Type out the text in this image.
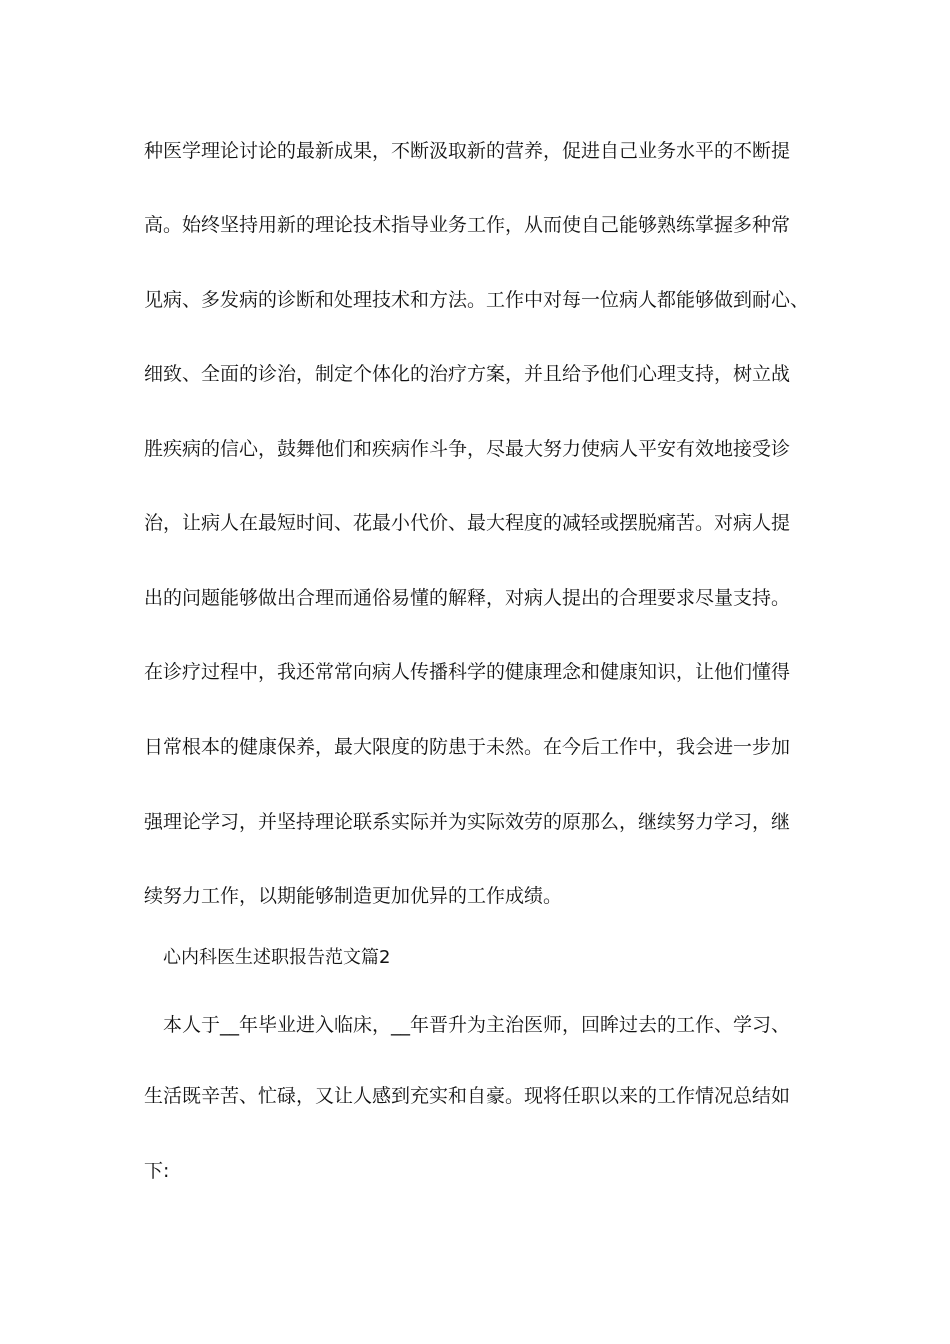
种医学理论讨论的最新成果，不断汲取新的营养，促进自己业务水平的不断提
高。始终坚持用新的理论技术指导业务工作，从而使自己能够熟练掌握多种常
见病、多发病的诊断和处理技术和方法。工作中对每一位病人都能够做到耐心、
细致、全面的诊治，制定个体化的治疗方案，并且给予他们心理支持，树立战
胜疾病的信心，鼓舞他们和疾病作斗争，尽最大努力使病人平安有效地接受诊
治，让病人在最短时间、花最小代价、最大程度的减轻或摆脱痛苦。对病人提
出的问题能够做出合理而通俗易懂的解释，对病人提出的合理要求尽量支持。
在诊疗过程中，我还常常向病人传播科学的健康理念和健康知识，让他们懂得
日常根本的健康保养，最大限度的防患于未然。在今后工作中，我会进一步加
强理论学习，并坚持理论联系实际并为实际效劳的原那么，继续努力学习，继
续努力工作，以期能够制造更加优异的工作成绩。
心内科医生述职报告范文篇2
本人于__年毕业进入临床，__年晋升为主治医师，回眸过去的工作、学习、
生活既辛苦、忙碌，又让人感到充实和自豪。现将任职以来的工作情况总结如
下:
